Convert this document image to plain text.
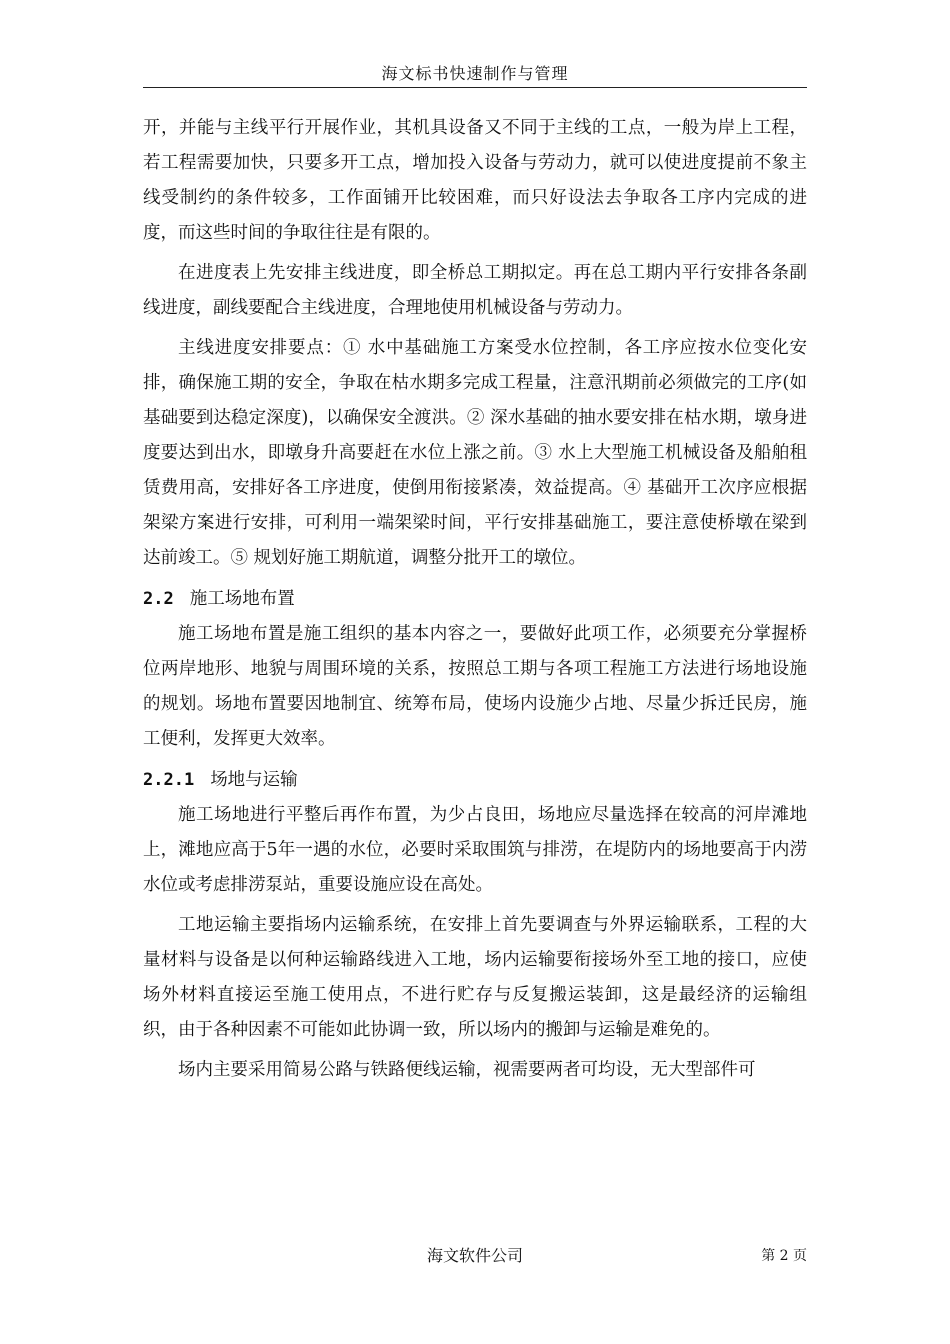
海文标书快速制作与管理

开，并能与主线平行开展作业，其机具设备又不同于主线的工点，一般为岸上工程，若工程需要加快，只要多开工点，增加投入设备与劳动力，就可以使进度提前不象主线受制约的条件较多，工作面铺开比较困难，而只好设法去争取各工序内完成的进度，而这些时间的争取往往是有限的。

在进度表上先安排主线进度，即全桥总工期拟定。再在总工期内平行安排各条副线进度，副线要配合主线进度，合理地使用机械设备与劳动力。

主线进度安排要点：① 水中基础施工方案受水位控制，各工序应按水位变化安排，确保施工期的安全，争取在枯水期多完成工程量，注意汛期前必须做完的工序(如基础要到达稳定深度)，以确保安全渡洪。② 深水基础的抽水要安排在枯水期，墩身进度要达到出水，即墩身升高要赶在水位上涨之前。③ 水上大型施工机械设备及船舶租赁费用高，安排好各工序进度，使倒用衔接紧凑，效益提高。④ 基础开工次序应根据架梁方案进行安排，可利用一端架梁时间，平行安排基础施工，要注意使桥墩在梁到达前竣工。⑤ 规划好施工期航道，调整分批开工的墩位。

2.2 施工场地布置

施工场地布置是施工组织的基本内容之一，要做好此项工作，必须要充分掌握桥位两岸地形、地貌与周围环境的关系，按照总工期与各项工程施工方法进行场地设施的规划。场地布置要因地制宜、统筹布局，使场内设施少占地、尽量少拆迁民房，施工便利，发挥更大效率。

2.2.1 场地与运输

施工场地进行平整后再作布置，为少占良田，场地应尽量选择在较高的河岸滩地上，滩地应高于5年一遇的水位，必要时采取围筑与排涝，在堤防内的场地要高于内涝水位或考虑排涝泵站，重要设施应设在高处。

工地运输主要指场内运输系统，在安排上首先要调查与外界运输联系，工程的大量材料与设备是以何种运输路线进入工地，场内运输要衔接场外至工地的接口，应使场外材料直接运至施工使用点，不进行贮存与反复搬运装卸，这是最经济的运输组织，由于各种因素不可能如此协调一致，所以场内的搬卸与运输是难免的。

场内主要采用简易公路与铁路便线运输，视需要两者可均设，无大型部件可

海文软件公司	第 2 页
